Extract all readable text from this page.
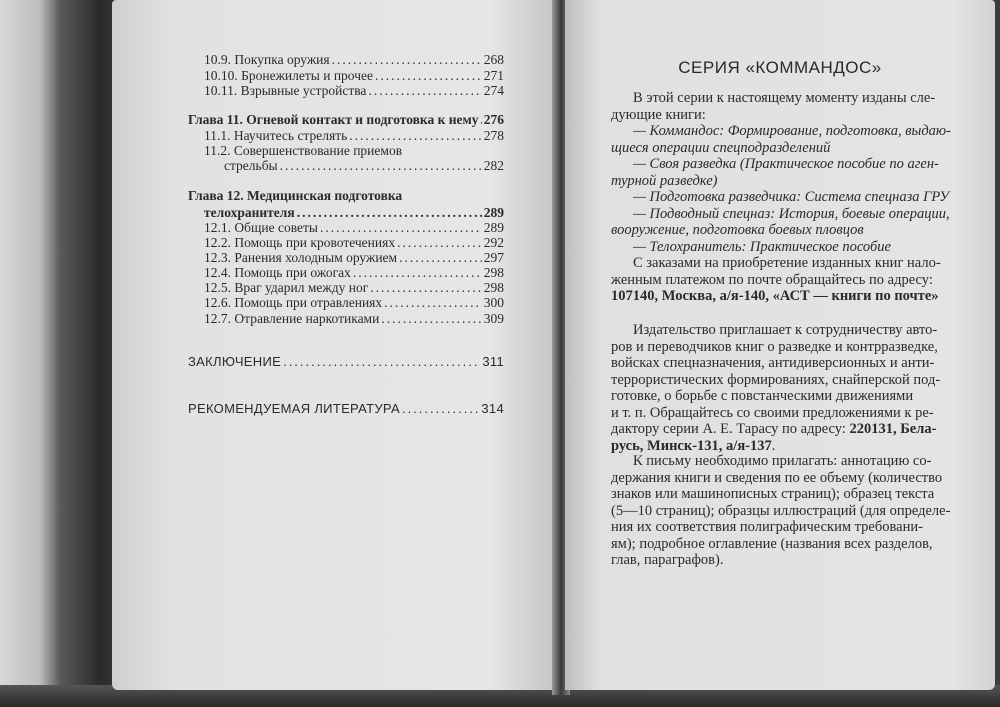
10.9. Покупка оружия .....	268
10.10. Бронежилеты и прочее .....	271
10.11. Взрывные устройства .....	274
Глава 11. Огневой контакт и подготовка к нему ..... 276
11.1. Научитесь стрелять .....	278
11.2. Совершенствование приемов
стрельбы .....	282
Глава 12. Медицинская подготовка
телохранителя .....	289
12.1. Общие советы .....	289
12.2. Помощь при кровотечениях .....	292
12.3. Ранения холодным оружием .....	297
12.4. Помощь при ожогах .....	298
12.5. Враг ударил между ног .....	298
12.6. Помощь при отравлениях .....	300
12.7. Отравление наркотиками .....	309
ЗАКЛЮЧЕНИЕ .....	311
РЕКОМЕНДУЕМАЯ ЛИТЕРАТУРА .....	314
СЕРИЯ «КОММАНДОС»
В этой серии к настоящему моменту изданы сле-
дующие книги:
— Коммандос: Формирование, подготовка, выдаю-
щиеся операции спецподразделений
— Своя разведка (Практическое пособие по аген-
турной разведке)
— Подготовка разведчика: Система спецназа ГРУ
— Подводный спецназ: История, боевые операции,
вооружение, подготовка боевых пловцов
— Телохранитель: Практическое пособие
С заказами на приобретение изданных книг нало-
женным платежом по почте обращайтесь по адресу:
107140, Москва, а/я-140, «АСТ — книги по почте»
Издательство приглашает к сотрудничеству авто-
ров и переводчиков книг о разведке и контрразведке,
войсках спецназначения, антидиверсионных и анти-
террористических формированиях, снайперской под-
готовке, о борьбе с повстанческими движениями
и т. п. Обращайтесь со своими предложениями к ре-
дактору серии А. Е. Тарасу по адресу: 220131, Бела-
русь, Минск-131, а/я-137.
К письму необходимо прилагать: аннотацию со-
держания книги и сведения по ее объему (количество
знаков или машинописных страниц); образец текста
(5—10 страниц); образцы иллюстраций (для определе-
ния их соответствия полиграфическим требовани-
ям); подробное оглавление (названия всех разделов,
глав, параграфов).
